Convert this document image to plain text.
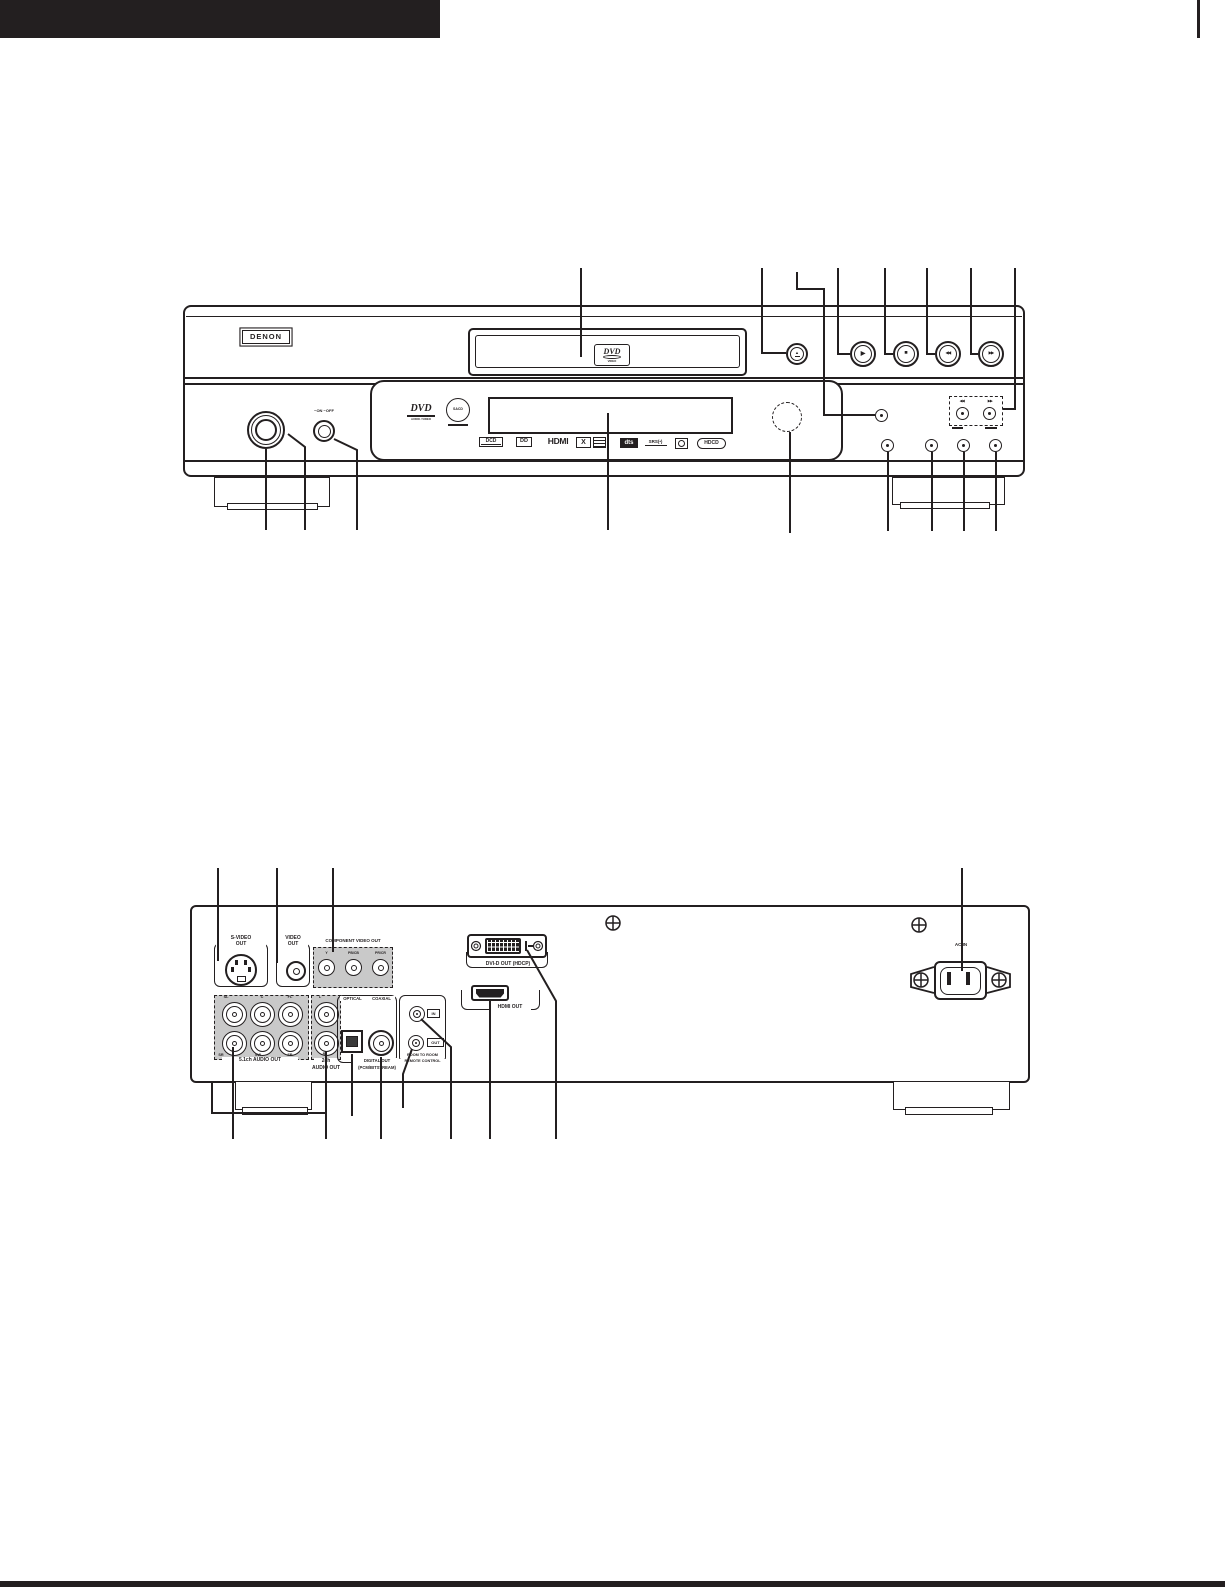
DENON
DVD
VIDEO
▲	▶	■	◀◀	▶▶
−ON −OFF	DVD
AUDIO / VIDEO
SACD
DCD	DD HDMI X	dts	SRS(•)	HDCD
◀◀	▶▶
S-VIDEO
OUT
VIDEO
OUT
COMPONENT VIDEO OUT
Y	PB/CB	PR/CR
SL	C	FL
SR	SW	FR
5.1ch AUDIO OUT
L
R
2ch
AUDIO OUT
OPTICAL	COAXIAL
DIGITAL OUT
(PCM/BITSTREAM)
IN
OUT
ROOM TO ROOM
REMOTE CONTROL
DVI-D OUT (HDCP)
HDMI OUT
AC IN
